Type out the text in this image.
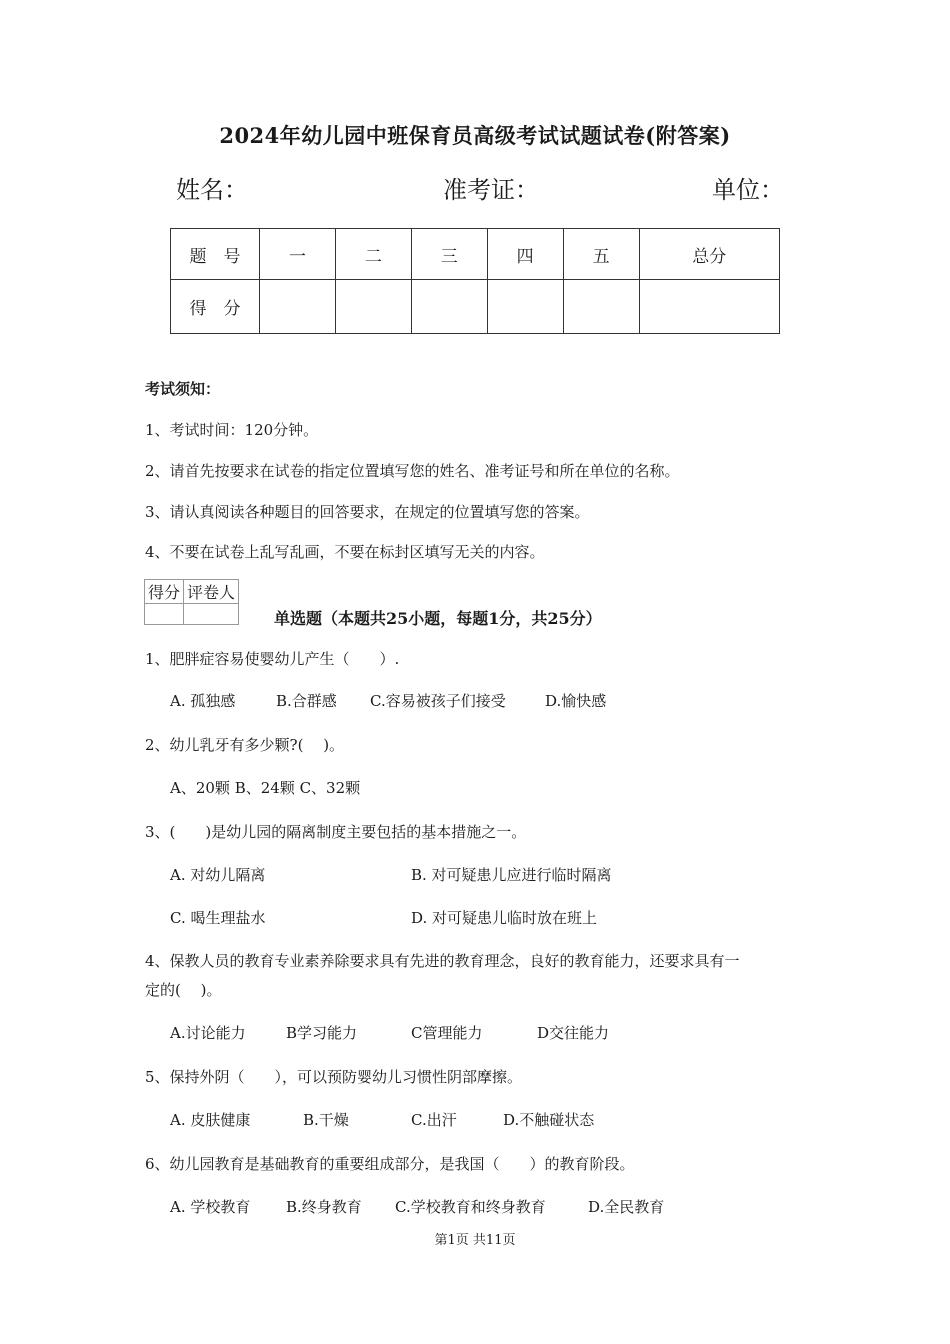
2024年幼儿园中班保育员高级考试试题试卷(附答案)
姓名：	准考证：	单位：
题　号	一	二	三	四	五	总分
得　分						
考试须知：
1、考试时间：120分钟。
2、请首先按要求在试卷的指定位置填写您的姓名、准考证号和所在单位的名称。
3、请认真阅读各种题目的回答要求，在规定的位置填写您的答案。
4、不要在试卷上乱写乱画，不要在标封区填写无关的内容。
得分	评卷人

单选题（本题共25小题，每题1分，共25分）
1、肥胖症容易使婴幼儿产生（　　）.
A. 孤独感	B.合群感 C.容易被孩子们接受	D.愉快感
2、幼儿乳牙有多少颗?(　 )。
A、20颗 B、24颗 C、32颗
3、(　　)是幼儿园的隔离制度主要包括的基本措施之一。
A. 对幼儿隔离	B. 对可疑患儿应进行临时隔离
C. 喝生理盐水	D. 对可疑患儿临时放在班上
4、保教人员的教育专业素养除要求具有先进的教育理念，良好的教育能力，还要求具有一
定的(　 )。
A.讨论能力	B学习能力	C管理能力	D交往能力
5、保持外阴（　　），可以预防婴幼儿习惯性阴部摩擦。
A. 皮肤健康	B.干燥	C.出汗	D.不触碰状态
6、幼儿园教育是基础教育的重要组成部分，是我国（　　）的教育阶段。
A. 学校教育 B.终身教育 C.学校教育和终身教育	D.全民教育
第1页 共11页
